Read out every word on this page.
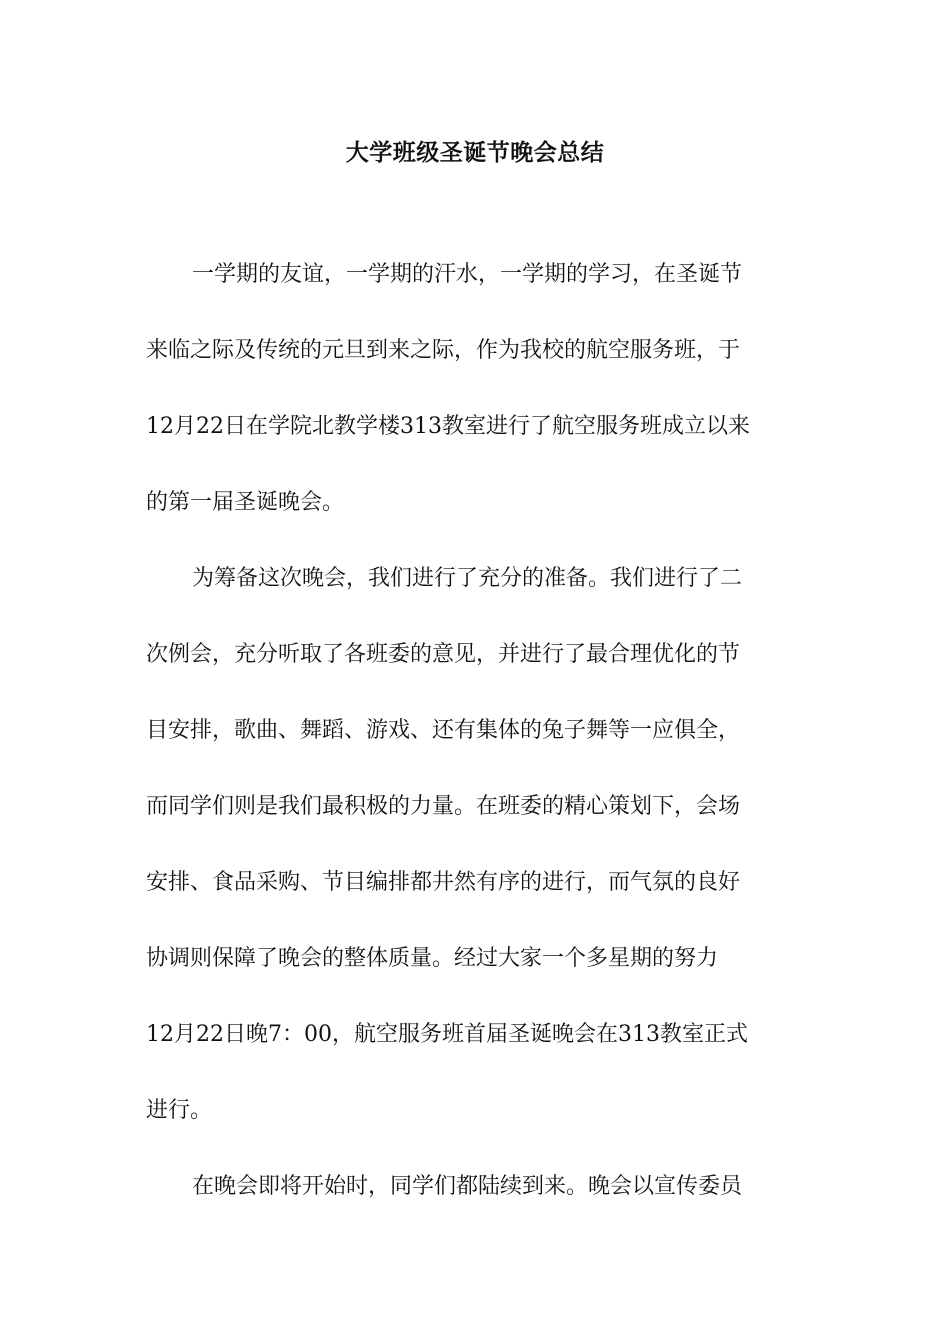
大学班级圣诞节晚会总结

一学期的友谊，一学期的汗水，一学期的学习，在圣诞节

来临之际及传统的元旦到来之际，作为我校的航空服务班，于

12月22日在学院北教学楼313教室进行了航空服务班成立以来

的第一届圣诞晚会。

为筹备这次晚会，我们进行了充分的准备。我们进行了二

次例会，充分听取了各班委的意见，并进行了最合理优化的节

目安排，歌曲、舞蹈、游戏、还有集体的兔子舞等一应俱全，

而同学们则是我们最积极的力量。在班委的精心策划下，会场

安排、食品采购、节目编排都井然有序的进行，而气氛的良好

协调则保障了晚会的整体质量。经过大家一个多星期的努力

12月22日晚7：00，航空服务班首届圣诞晚会在313教室正式

进行。

在晚会即将开始时，同学们都陆续到来。晚会以宣传委员
